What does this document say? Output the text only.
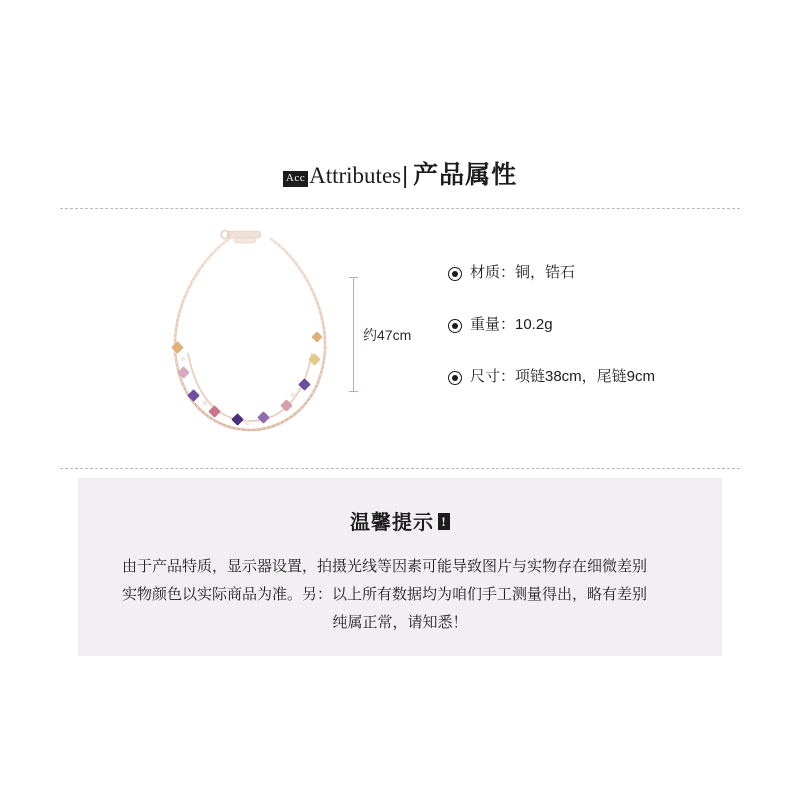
Acc Attributes | 产品属性
约47cm
材质：铜，锆石
重量：10.2g
尺寸：项链38cm，尾链9cm
温馨提示 !

由于产品特质，显示器设置，拍摄光线等因素可能导致图片与实物存在细微差别

实物颜色以实际商品为准。另：以上所有数据均为咱们手工测量得出，略有差别

纯属正常，请知悉！
